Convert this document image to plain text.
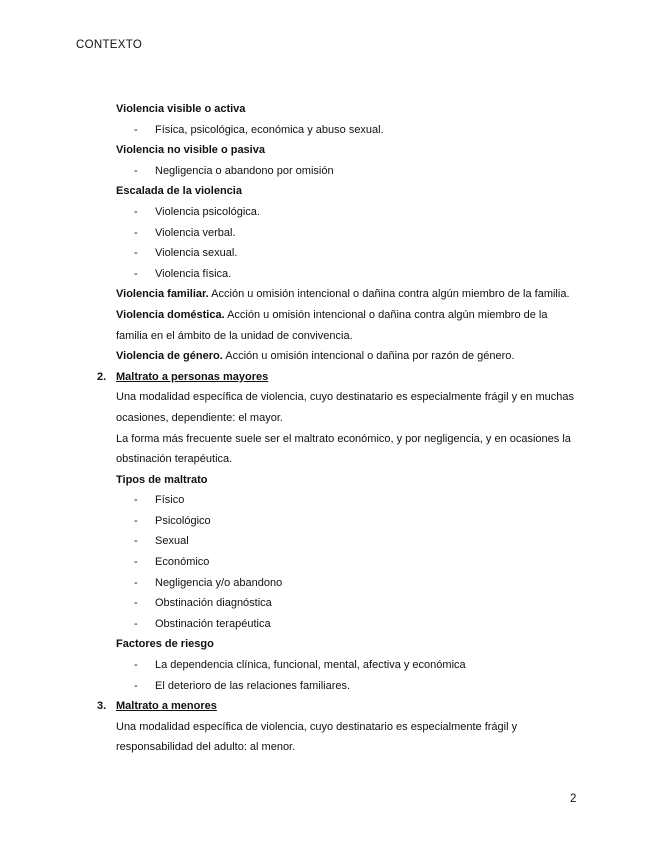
CONTEXTO
Violencia visible o activa
- Física, psicológica, económica y abuso sexual.
Violencia no visible o pasiva
- Negligencia o abandono por omisión
Escalada de la violencia
- Violencia psicológica.
- Violencia verbal.
- Violencia sexual.
- Violencia física.
Violencia familiar. Acción u omisión intencional o dañina contra algún miembro de la familia.
Violencia doméstica. Acción u omisión intencional o dañina contra algún miembro de la
familia en el ámbito de la unidad de convivencia.
Violencia de género. Acción u omisión intencional o dañina por razón de género.
2. Maltrato a personas mayores
Una modalidad específica de violencia, cuyo destinatario es especialmente frágil y en muchas
ocasiones, dependiente: el mayor.
La forma más frecuente suele ser el maltrato económico, y por negligencia, y en ocasiones la
obstinación terapéutica.
Tipos de maltrato
- Físico
- Psicológico
- Sexual
- Económico
- Negligencia y/o abandono
- Obstinación diagnóstica
- Obstinación terapéutica
Factores de riesgo
- La dependencia clínica, funcional, mental, afectiva y económica
- El deterioro de las relaciones familiares.
3. Maltrato a menores
Una modalidad específica de violencia, cuyo destinatario es especialmente frágil y
responsabilidad del adulto: al menor.
2
